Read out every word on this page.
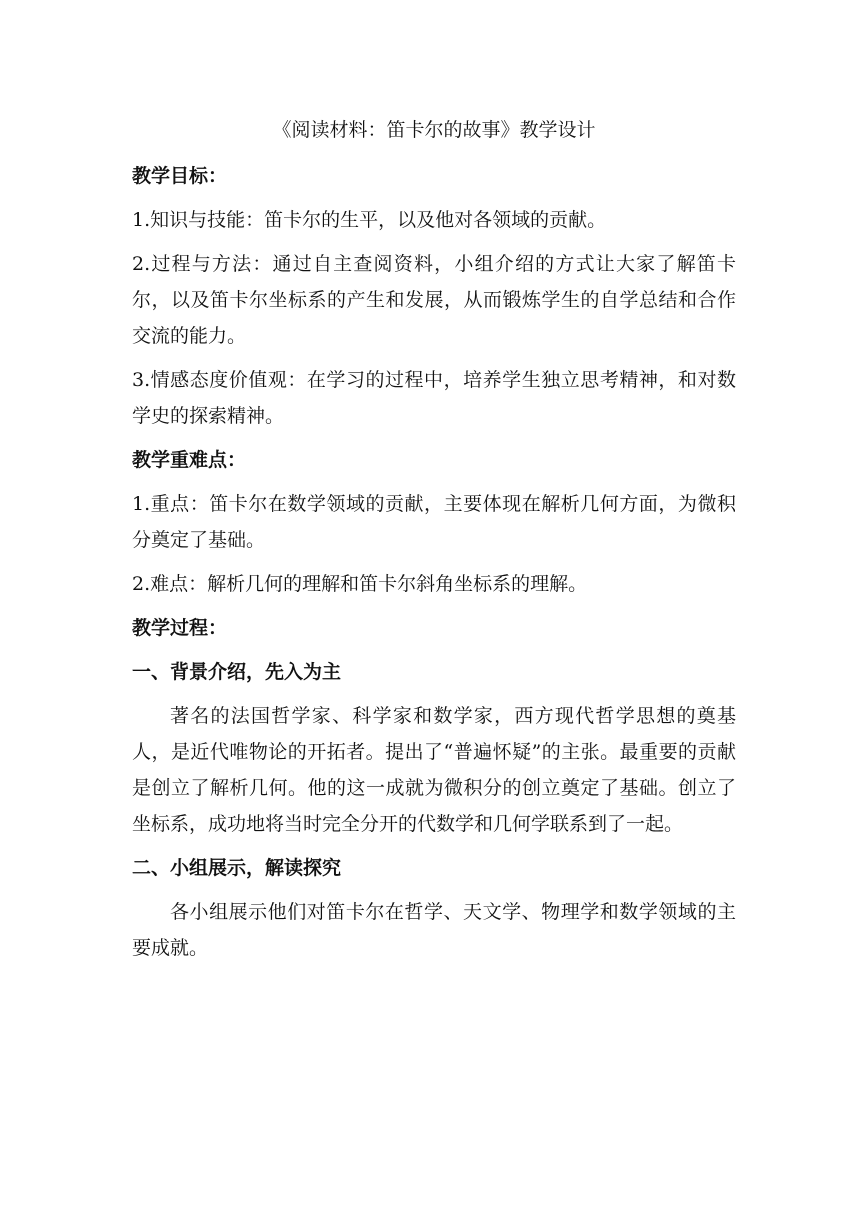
《阅读材料：笛卡尔的故事》教学设计
教学目标：
1.知识与技能：笛卡尔的生平，以及他对各领域的贡献。
2.过程与方法：通过自主查阅资料，小组介绍的方式让大家了解笛卡尔，以及笛卡尔坐标系的产生和发展，从而锻炼学生的自学总结和合作交流的能力。
3.情感态度价值观：在学习的过程中，培养学生独立思考精神，和对数学史的探索精神。
教学重难点：
1.重点：笛卡尔在数学领域的贡献，主要体现在解析几何方面，为微积分奠定了基础。
2.难点：解析几何的理解和笛卡尔斜角坐标系的理解。
教学过程：
一、背景介绍，先入为主
著名的法国哲学家、科学家和数学家，西方现代哲学思想的奠基人，是近代唯物论的开拓者。提出了“普遍怀疑”的主张。最重要的贡献是创立了解析几何。他的这一成就为微积分的创立奠定了基础。创立了坐标系，成功地将当时完全分开的代数学和几何学联系到了一起。
二、小组展示，解读探究
各小组展示他们对笛卡尔在哲学、天文学、物理学和数学领域的主要成就。
